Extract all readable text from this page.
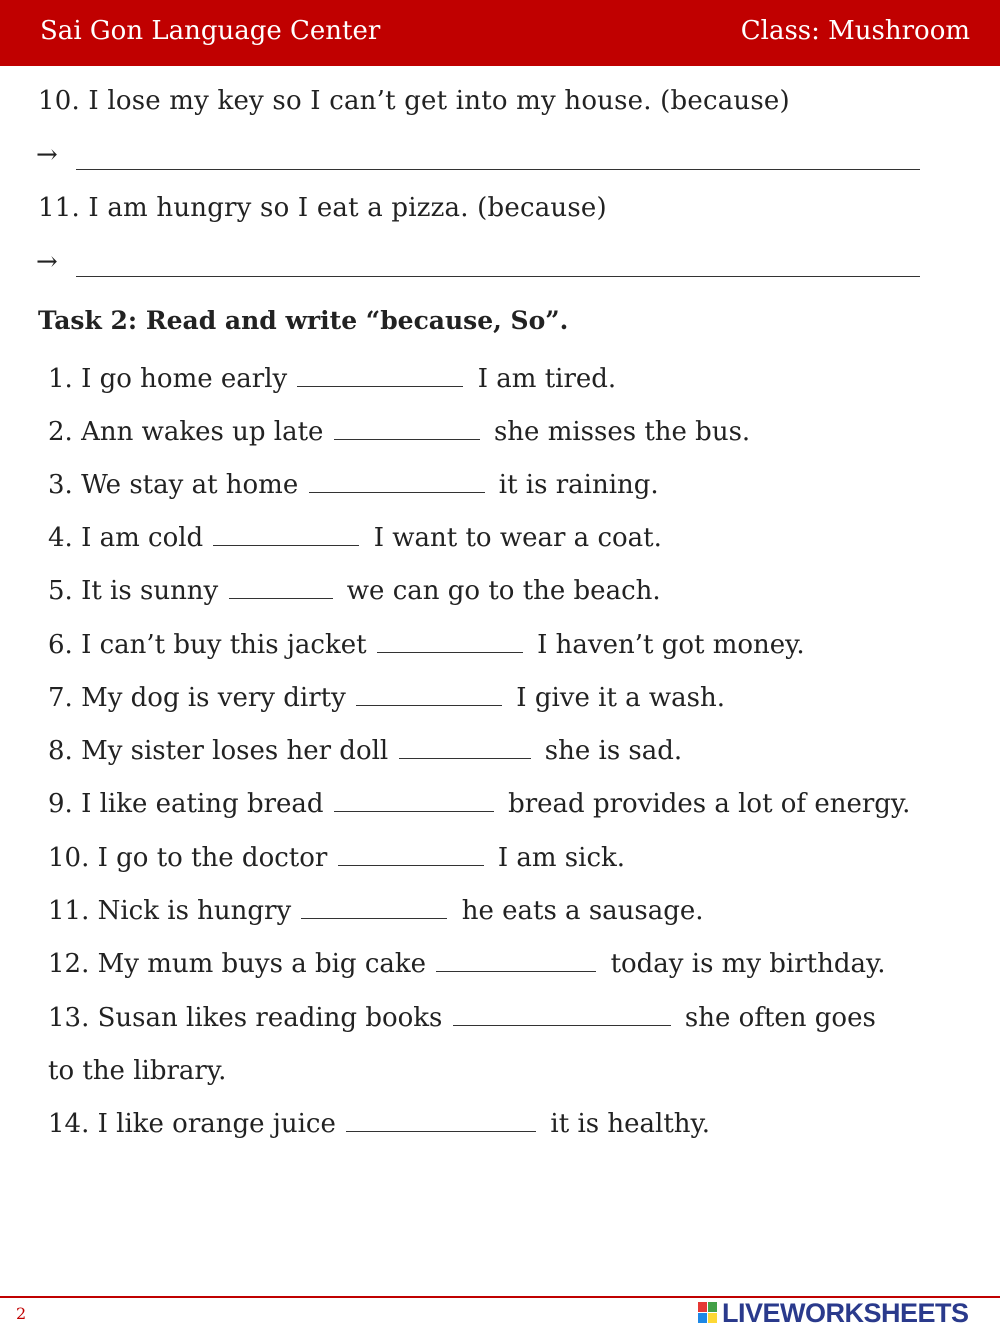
Sai Gon Language Center	Class: Mushroom
10. I lose my key so I can’t get into my house. (because)
→
11. I am hungry so I eat a pizza. (because)
→
Task 2: Read and write “because, So”.
1. I go home early	I am tired.
2. Ann wakes up late	she misses the bus.
3. We stay at home	it is raining.
4. I am cold	I want to wear a coat.
5. It is sunny	we can go to the beach.
6. I can’t buy this jacket	I haven’t got money.
7. My dog is very dirty	I give it a wash.
8. My sister loses her doll	she is sad.
9. I like eating bread	bread provides a lot of energy.
10. I go to the doctor	I am sick.
11. Nick is hungry	he eats a sausage.
12. My mum buys a big cake	today is my birthday.
13. Susan likes reading books	she often goes
to the library.
14. I like orange juice	it is healthy.
2	LIVEWORKSHEETS
